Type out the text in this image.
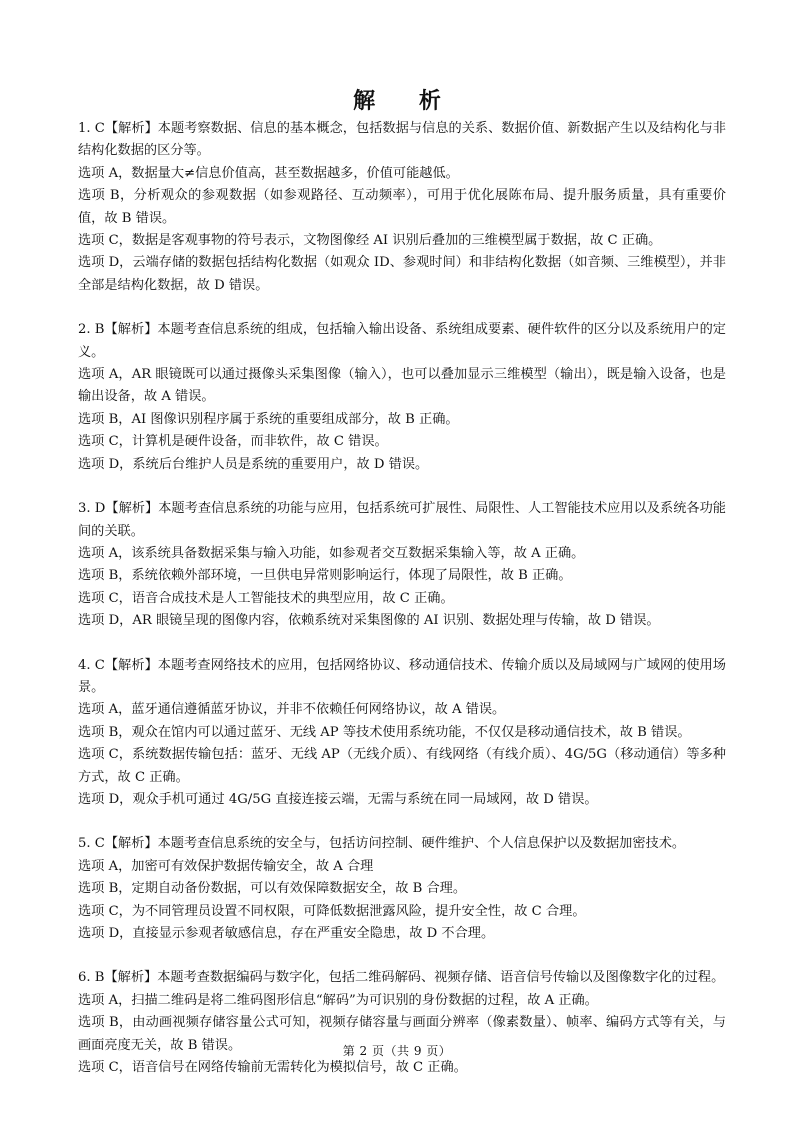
解 析

1. C【解析】本题考察数据、信息的基本概念，包括数据与信息的关系、数据价值、新数据产生以及结构化与非结构化数据的区分等。

选项 A，数据量大≠信息价值高，甚至数据越多，价值可能越低。

选项 B，分析观众的参观数据（如参观路径、互动频率），可用于优化展陈布局、提升服务质量，具有重要价值，故 B 错误。

选项 C，数据是客观事物的符号表示，文物图像经 AI 识别后叠加的三维模型属于数据，故 C 正确。

选项 D，云端存储的数据包括结构化数据（如观众 ID、参观时间）和非结构化数据（如音频、三维模型），并非全部是结构化数据，故 D 错误。

2. B【解析】本题考查信息系统的组成，包括输入输出设备、系统组成要素、硬件软件的区分以及系统用户的定义。

选项 A，AR 眼镜既可以通过摄像头采集图像（输入），也可以叠加显示三维模型（输出），既是输入设备，也是输出设备，故 A 错误。

选项 B，AI 图像识别程序属于系统的重要组成部分，故 B 正确。

选项 C，计算机是硬件设备，而非软件，故 C 错误。

选项 D，系统后台维护人员是系统的重要用户，故 D 错误。

3. D【解析】本题考查信息系统的功能与应用，包括系统可扩展性、局限性、人工智能技术应用以及系统各功能间的关联。

选项 A，该系统具备数据采集与输入功能，如参观者交互数据采集输入等，故 A 正确。

选项 B，系统依赖外部环境，一旦供电异常则影响运行，体现了局限性，故 B 正确。

选项 C，语音合成技术是人工智能技术的典型应用，故 C 正确。

选项 D，AR 眼镜呈现的图像内容，依赖系统对采集图像的 AI 识别、数据处理与传输，故 D 错误。

4. C【解析】本题考查网络技术的应用，包括网络协议、移动通信技术、传输介质以及局域网与广域网的使用场景。

选项 A，蓝牙通信遵循蓝牙协议，并非不依赖任何网络协议，故 A 错误。

选项 B，观众在馆内可以通过蓝牙、无线 AP 等技术使用系统功能，不仅仅是移动通信技术，故 B 错误。

选项 C，系统数据传输包括：蓝牙、无线 AP（无线介质）、有线网络（有线介质）、4G/5G（移动通信）等多种方式，故 C 正确。

选项 D，观众手机可通过 4G/5G 直接连接云端，无需与系统在同一局域网，故 D 错误。

5. C【解析】本题考查信息系统的安全与，包括访问控制、硬件维护、个人信息保护以及数据加密技术。

选项 A，加密可有效保护数据传输安全，故 A 合理

选项 B，定期自动备份数据，可以有效保障数据安全，故 B 合理。

选项 C，为不同管理员设置不同权限，可降低数据泄露风险，提升安全性，故 C 合理。

选项 D，直接显示参观者敏感信息，存在严重安全隐患，故 D 不合理。

6. B【解析】本题考查数据编码与数字化，包括二维码解码、视频存储、语音信号传输以及图像数字化的过程。

选项 A，扫描二维码是将二维码图形信息“解码”为可识别的身份数据的过程，故 A 正确。

选项 B，由动画视频存储容量公式可知，视频存储容量与画面分辨率（像素数量）、帧率、编码方式等有关，与画面亮度无关，故 B 错误。

选项 C，语音信号在网络传输前无需转化为模拟信号，故 C 正确。

第 2 页（共 9 页）
